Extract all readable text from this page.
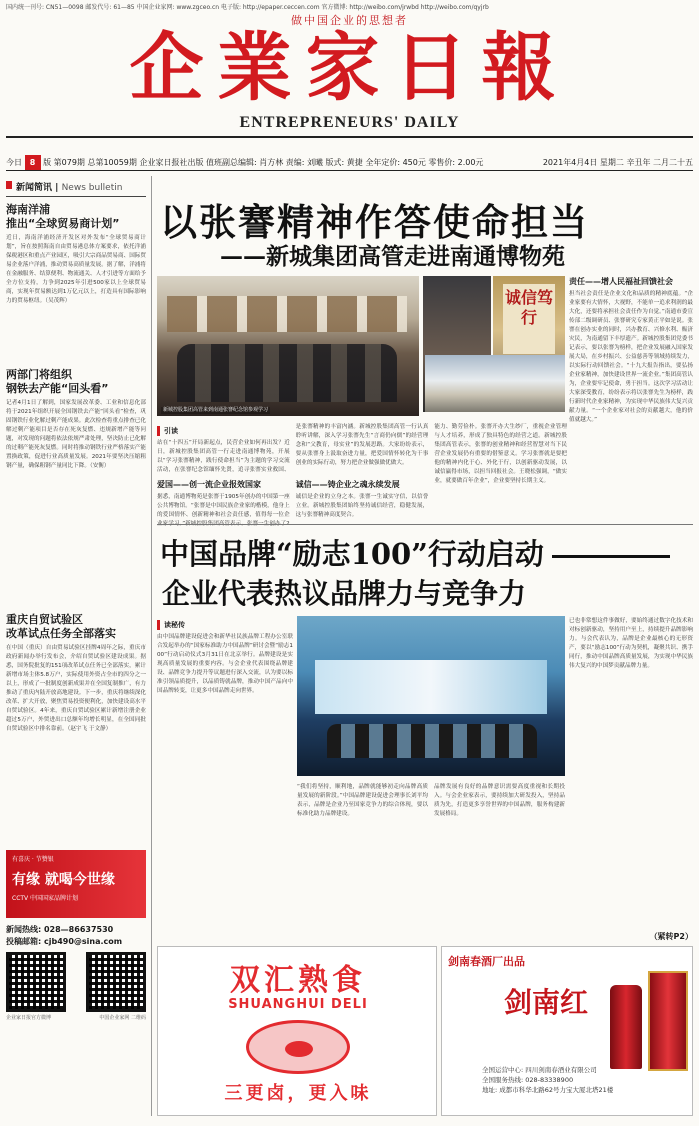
国内统一刊号: CN51—0098 邮发代号: 61—85 中国企业家网: www.zgceo.cn 电子版: http://epaper.ceccen.com 官方微博: http://weibo.com/jrwbd http://weibo.com/qyjrb
做中国企业的思想者
企業家日報
ENTREPRENEURS' DAILY
今日 8 版 第079期 总第10059期 企业家日报社出版 值班副总编辑: 肖方林 责编: 刘曦 版式: 黄捷 全年定价: 450元 零售价: 2.00元	2021年4月4日 星期二 辛丑年 二月二十五
新闻简讯 | News bulletin
海南洋浦
推出“全球贸易商计划”
近日，海南洋浦经济开发区对外发布“全球贸易商计划”，旨在按照海南自由贸易港总体方案要求，依托洋浦保税港区和重点产业园区，吸引大宗商品贸易商、国际贸易企业落户洋浦，推动贸易高质量发展。据了解，洋浦将在金融服务、结算便利、物流通关、人才引进等方面给予全方位支持，力争到2025年引进500家以上全球贸易商，实现年贸易额达到1万亿元以上，打造具有国际影响力的贸易枢纽。（吴茂辉）
两部门将组织
钢铁去产能“回头看”
记者4月1日了解到，国家发展改革委、工业和信息化部将于2021年组织开展全国钢铁去产能“回头看”检查，巩固钢铁行业化解过剩产能成果。此次检查将重点排查已化解过剩产能项目是否存在死灰复燃、违规新增产能等问题，对发现的问题将依法依规严肃处理，坚决防止已化解的过剩产能死灰复燃。同时将推动钢铁行业严格落实产能置换政策，促进行业高质量发展。2021年要坚决压缩粗钢产量，确保粗钢产量同比下降。（安衡）
重庆自贸试验区
改革试点任务全部落实
在中国（重庆）自由贸易试验区挂牌4周年之际，重庆市政府新闻办举行发布会，介绍自贸试验区建设成果。据悉，国务院批复的151项改革试点任务已全部落实，累计新增市场主体5.8万户，实际使用外资占全市的四分之一以上，形成了一批制度创新成果并在全国复制推广，有力推动了重庆内陆开放高地建设。下一步，重庆将继续深化改革、扩大开放，聚焦贸易投资便利化，加快建设高水平自贸试验区。4年来，重庆自贸试验区累计新增注册企业超过5万户，外贸进出口总额年均增长明显，在全国同批自贸试验区中排名靠前。（赵宇飞 于文静）
有喜庆 · 节赞银
有缘 就喝今世缘
CCTV 中国国家品牌计划
新闻热线: 028—86637530
投稿邮箱: cjb490@sina.com
企业家日报官方微博	中国企业家网 二维码
以张謇精神作答使命担当
——新城集团高管走进南通博物苑
新城控股集团高管来到南通张謇纪念馆参观学习
诚信笃行
责任——增人民福祉回馈社会
担当社会责任是企业文化和品质的精神底蕴。“企业家要有大情怀，大视野，不能单一追求利润的最大化，还要将承担社会责任作为自觉。”南通市委宣传部二级调研员、张謇研究专家黄正平如是说。张謇在创办实业的同时，兴办教育、兴修水利、赈济灾民，为南通留下丰厚遗产。新城控股集团党委书记表示，要以张謇为榜样，把企业发展融入国家发展大局，在乡村振兴、公益慈善等领域持续发力，以实际行动回馈社会。“十九大报告指出，要弘扬企业家精神，加快建设世界一流企业。”集团高管认为，企业要牢记使命，勇于担当。这次学习活动让大家深受教育，纷纷表示将以张謇先生为榜样，践行新时代企业家精神，为实现中华民族伟大复兴贡献力量。“一个企业家对社会的贡献越大，他的价值就越大。”
引读
站在“十四五”开局新起点，民营企业如何再出发？近日，新城控股集团高管一行走进南通博物苑，开展以“学习张謇精神，践行使命担当”为主题的学习交流活动，在张謇纪念馆缅怀先贤，追寻张謇实业救国、
爱国——创一流企业报效国家
据悉，南通博物苑是张謇于1905年创办的中国第一座公共博物馆。“张謇是中国民族企业家的楷模，他身上的爱国情怀、创新精神和社会责任感，值得每一位企
是张謇精神的丰富内涵。新城控股集团高管一行认真聆听讲解，深入学习张謇先生“言商仍向儒”的经营理念和“父教育，母实业”的发展思路。大家纷纷表示，要从张謇身上汲取奋进力量，把爱国情怀转化为干事创业的实际行动，努力把企业做强做优做大。
诚信——铸企业之魂永续发展
诚信是企业的立身之本。张謇一生诚实守信，以信誉立业。新城控股集团始终坚持诚信经营，稳健发展，这与张謇精神高度契合。
能力、勤劳俭朴。张謇开办大生纱厂，重视企业管理与人才培养，形成了独具特色的经营之道。新城控股集团高管表示，张謇的创业精神和经营智慧对当下民营企业发展仍有重要的借鉴意义。学习张謇就是要把他的精神内化于心、外化于行，以创新驱动发展，以诚信赢得市场，以担当回报社会。王晓松强调，“做实业，就要做百年企业”，企业要坚持长期主义。
中国品牌“励志100”行动启动
企业代表热议品牌力与竞争力
读秘传
由中国品牌建设促进会和新华社民族品牌工程办公室联合发起举办的“国家标准助力中国品牌”研讨会暨“励志100”行动启动仪式3月31日在北京举行。品牌建设是实现高质量发展的重要内容。与会企业代表围绕品牌建设、品牌竞争力提升等议题进行深入交流，认为要以标准引领品质提升，以品质铸就品牌，推动中国产品向中国品牌转变，让更多中国品牌走向世界。
“我们将坚持，顺利地，品牌就能够初走向品牌高质量发展的新阶段。”中国品牌建设促进会理事长刘平均表示，品牌是企业乃至国家竞争力的综合体现，要以标准化助力品牌建设。
品牌发展有良好的品牌意识需要高度重视和长期投入。与会企业家表示，要持续加大研发投入，坚持品质为先，打造更多享誉世界的中国品牌，服务构建新发展格局。
已也非常想这件事做好，要始终通过数字化技术和对标创新驱动，坚持用户至上，持续提升品牌影响力。与会代表认为，品牌是企业最核心的无形资产，要以“励志100”行动为契机，凝聚共识、携手同行，推动中国品牌高质量发展，为实现中华民族伟大复兴的中国梦贡献品牌力量。
（紧转P2）
双汇熟食
SHUANGHUI DELI
三更卤，更入味
剑南春酒厂出品
剑南红
全国运营中心: 四川剑南春酒业有限公司
全国服务热线: 028-83338900
地址: 成都市科华北路62号力宝大厦北塔21楼
